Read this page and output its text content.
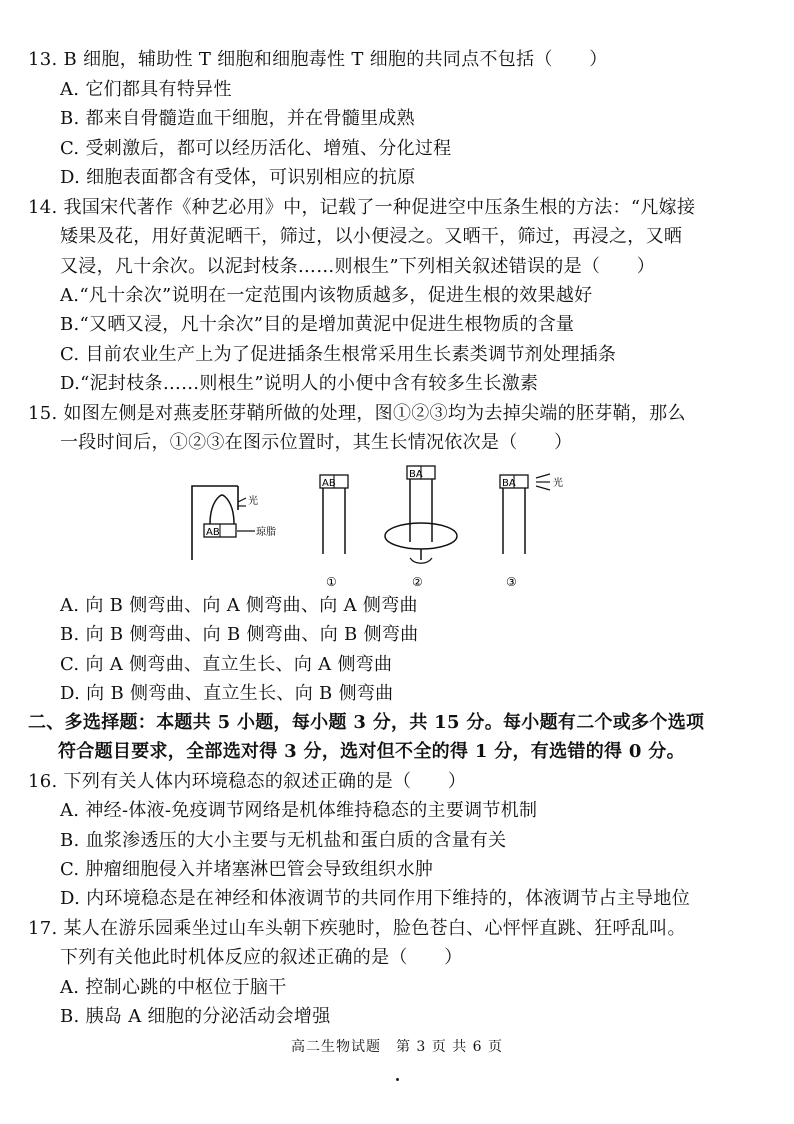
13. B 细胞，辅助性 T 细胞和细胞毒性 T 细胞的共同点不包括（　　）
A. 它们都具有特异性
B. 都来自骨髓造血干细胞，并在骨髓里成熟
C. 受刺激后，都可以经历活化、增殖、分化过程
D. 细胞表面都含有受体，可识别相应的抗原
14. 我国宋代著作《种艺必用》中，记载了一种促进空中压条生根的方法：“凡嫁接
矮果及花，用好黄泥晒干，筛过，以小便浸之。又晒干，筛过，再浸之，又晒
又浸，凡十余次。以泥封枝条……则根生”下列相关叙述错误的是（　　）
A.“凡十余次”说明在一定范围内该物质越多，促进生根的效果越好
B.“又晒又浸，凡十余次”目的是增加黄泥中促进生根物质的含量
C. 目前农业生产上为了促进插条生根常采用生长素类调节剂处理插条
D.“泥封枝条……则根生”说明人的小便中含有较多生长激素
15. 如图左侧是对燕麦胚芽鞘所做的处理，图①②③均为去掉尖端的胚芽鞘，那么
一段时间后，①②③在图示位置时，其生长情况依次是（　　）
光
AB	琼脂
AB
①
BA
②
BA	光
③
A. 向 B 侧弯曲、向 A 侧弯曲、向 A 侧弯曲
B. 向 B 侧弯曲、向 B 侧弯曲、向 B 侧弯曲
C. 向 A 侧弯曲、直立生长、向 A 侧弯曲
D. 向 B 侧弯曲、直立生长、向 B 侧弯曲
二、多选择题：本题共 5 小题，每小题 3 分，共 15 分。每小题有二个或多个选项
符合题目要求，全部选对得 3 分，选对但不全的得 1 分，有选错的得 0 分。
16. 下列有关人体内环境稳态的叙述正确的是（　　）
A. 神经-体液-免疫调节网络是机体维持稳态的主要调节机制
B. 血浆渗透压的大小主要与无机盐和蛋白质的含量有关
C. 肿瘤细胞侵入并堵塞淋巴管会导致组织水肿
D. 内环境稳态是在神经和体液调节的共同作用下维持的，体液调节占主导地位
17. 某人在游乐园乘坐过山车头朝下疾驰时，脸色苍白、心怦怦直跳、狂呼乱叫。
下列有关他此时机体反应的叙述正确的是（　　）
A. 控制心跳的中枢位于脑干
B. 胰岛 A 细胞的分泌活动会增强
高二生物试题　第 3 页 共 6 页
